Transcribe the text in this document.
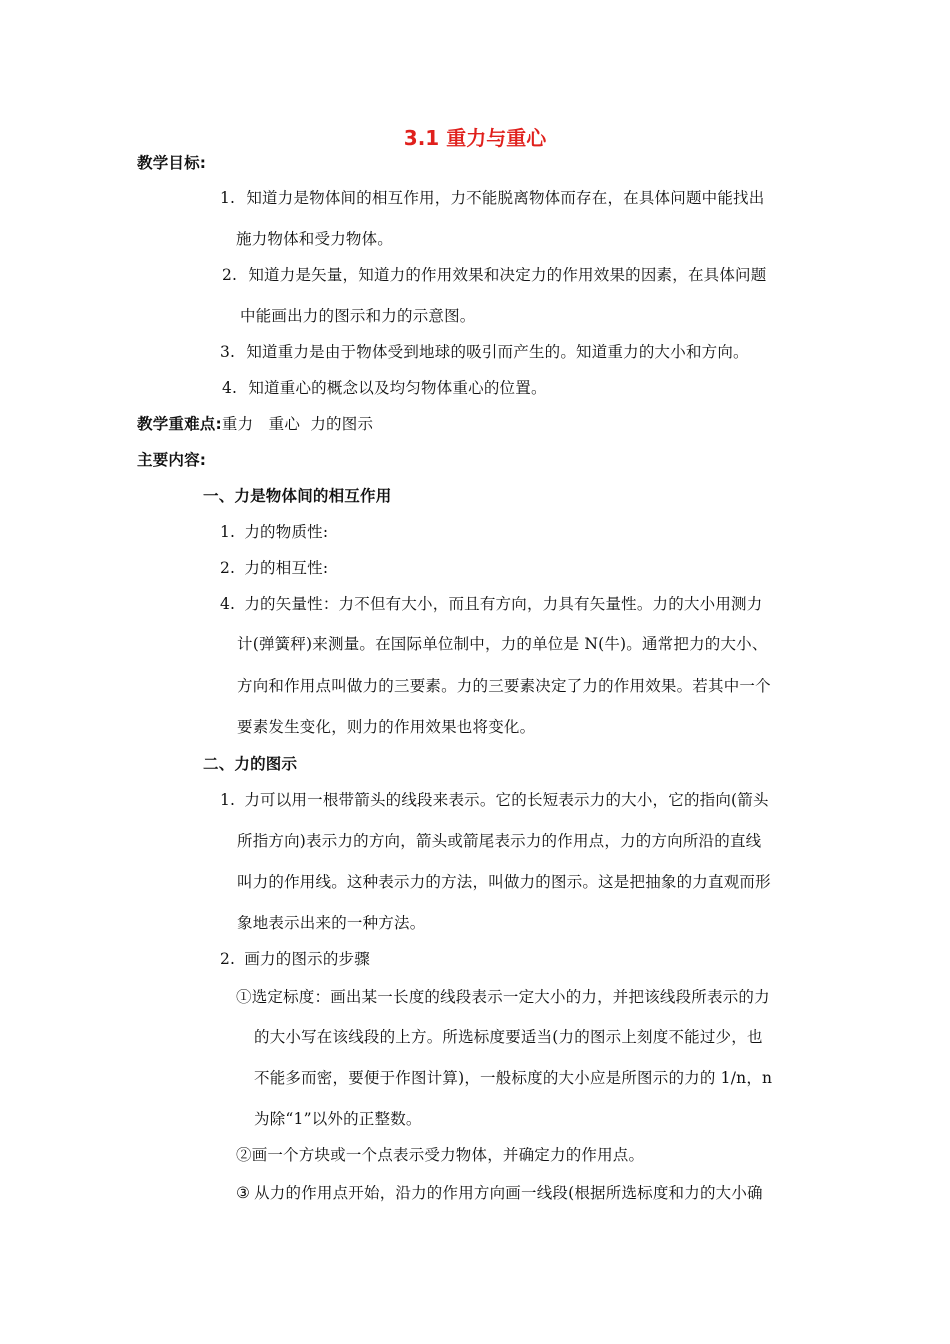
3.1 重力与重心
教学目标:
1. 知道力是物体间的相互作用，力不能脱离物体而存在，在具体问题中能找出
施力物体和受力物体。
2. 知道力是矢量，知道力的作用效果和决定力的作用效果的因素，在具体问题
中能画出力的图示和力的示意图。
3. 知道重力是由于物体受到地球的吸引而产生的。知道重力的大小和方向。
4. 知道重心的概念以及均匀物体重心的位置。
教学重难点:重力   重心  力的图示
主要内容:
一、力是物体间的相互作用
1. 力的物质性:
2. 力的相互性:
4. 力的矢量性：力不但有大小，而且有方向，力具有矢量性。力的大小用测力
计(弹簧秤)来测量。在国际单位制中，力的单位是 N(牛)。通常把力的大小、
方向和作用点叫做力的三要素。力的三要素决定了力的作用效果。若其中一个
要素发生变化，则力的作用效果也将变化。
二、力的图示
1. 力可以用一根带箭头的线段来表示。它的长短表示力的大小，它的指向(箭头
所指方向)表示力的方向，箭头或箭尾表示力的作用点，力的方向所沿的直线
叫力的作用线。这种表示力的方法，叫做力的图示。这是把抽象的力直观而形
象地表示出来的一种方法。
2. 画力的图示的步骤
①选定标度：画出某一长度的线段表示一定大小的力，并把该线段所表示的力
的大小写在该线段的上方。所选标度要适当(力的图示上刻度不能过少，也
不能多而密，要便于作图计算)，一般标度的大小应是所图示的力的 1/n，n
为除“1”以外的正整数。
②画一个方块或一个点表示受力物体，并确定力的作用点。
③ 从力的作用点开始，沿力的作用方向画一线段(根据所选标度和力的大小确
